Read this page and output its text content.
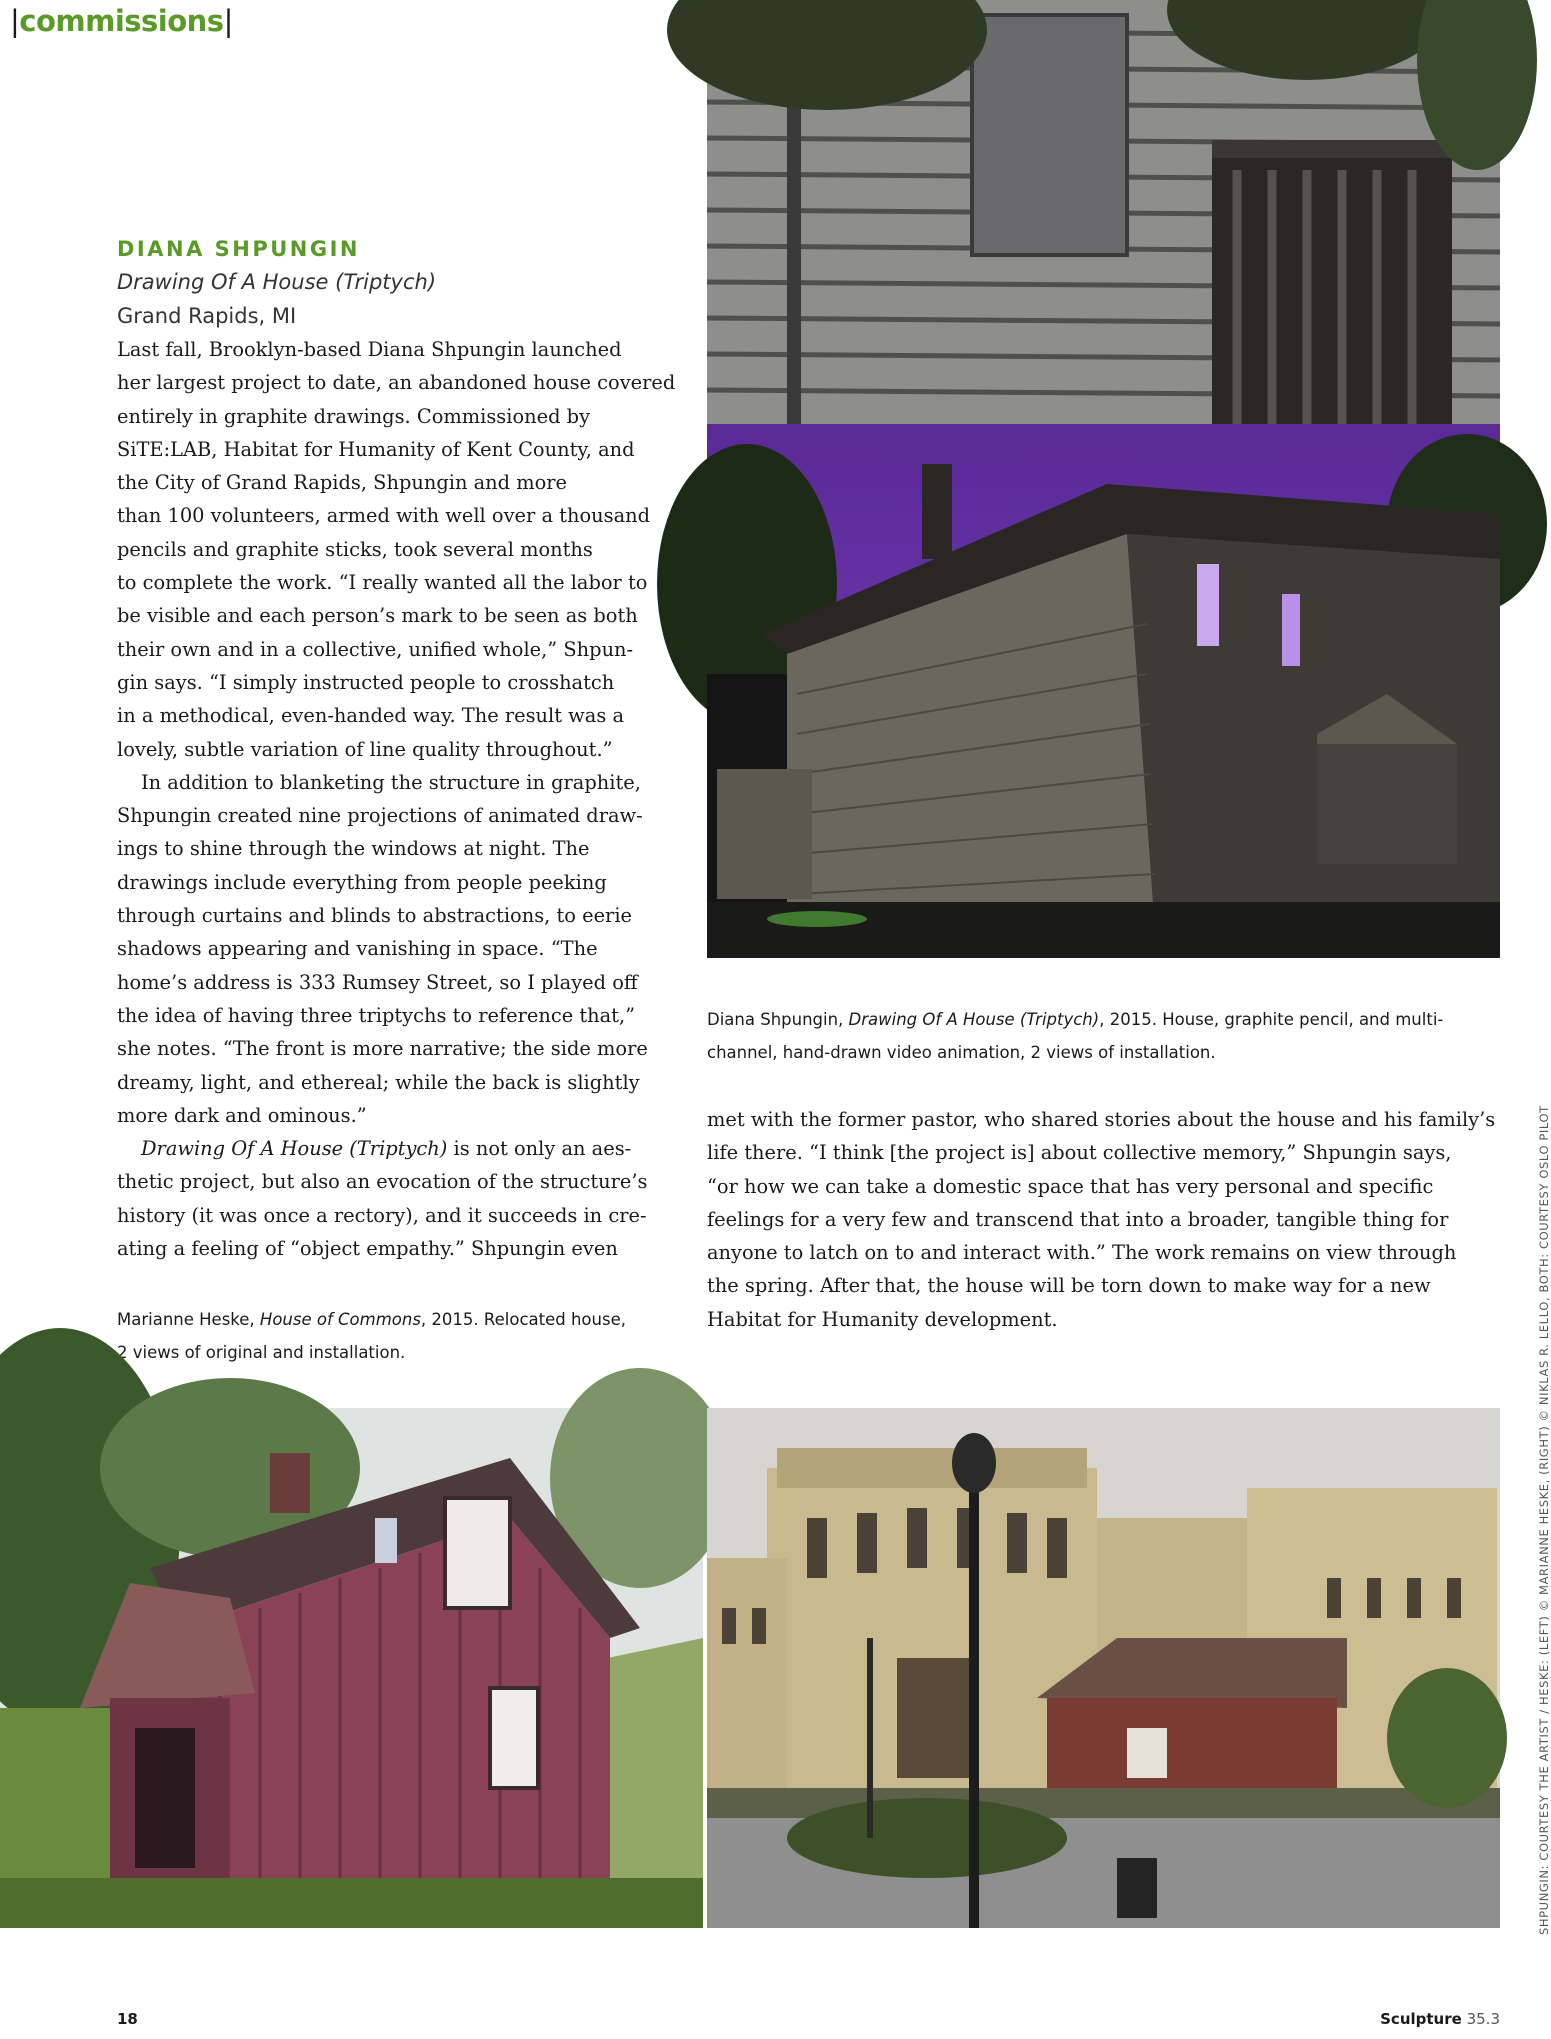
|commissions|
DIANA SHPUNGIN
Drawing Of A House (Triptych)
Grand Rapids, MI
Last fall, Brooklyn-based Diana Shpungin launched
her largest project to date, an abandoned house covered
entirely in graphite drawings. Commissioned by
SiTE:LAB, Habitat for Humanity of Kent County, and
the City of Grand Rapids, Shpungin and more
than 100 volunteers, armed with well over a thousand
pencils and graphite sticks, took several months
to complete the work. “I really wanted all the labor to
be visible and each person’s mark to be seen as both
their own and in a collective, unified whole,” Shpun-
gin says. “I simply instructed people to crosshatch
in a methodical, even-handed way. The result was a
lovely, subtle variation of line quality throughout.”
In addition to blanketing the structure in graphite,
Shpungin created nine projections of animated draw-
ings to shine through the windows at night. The
drawings include everything from people peeking
through curtains and blinds to abstractions, to eerie
shadows appearing and vanishing in space. “The
home’s address is 333 Rumsey Street, so I played off
the idea of having three triptychs to reference that,”
she notes. “The front is more narrative; the side more
dreamy, light, and ethereal; while the back is slightly
more dark and ominous.”
Drawing Of A House (Triptych) is not only an aes-
thetic project, but also an evocation of the structure’s
history (it was once a rectory), and it succeeds in cre-
ating a feeling of “object empathy.” Shpungin even
Diana Shpungin, Drawing Of A House (Triptych), 2015. House, graphite pencil, and multi-
channel, hand-drawn video animation, 2 views of installation.
met with the former pastor, who shared stories about the house and his family’s
life there. “I think [the project is] about collective memory,” Shpungin says,
“or how we can take a domestic space that has very personal and specific
feelings for a very few and transcend that into a broader, tangible thing for
anyone to latch on to and interact with.” The work remains on view through
the spring. After that, the house will be torn down to make way for a new
Habitat for Humanity development.
Marianne Heske, House of Commons, 2015. Relocated house,
2 views of original and installation.	SHPUNGIN: COURTESY THE ARTIST / HESKE: (LEFT) © MARIANNE HESKE, (RIGHT) © NIKLAS R. LELLO, BOTH: COURTESY OSLO PILOT
18	Sculpture 35.3
